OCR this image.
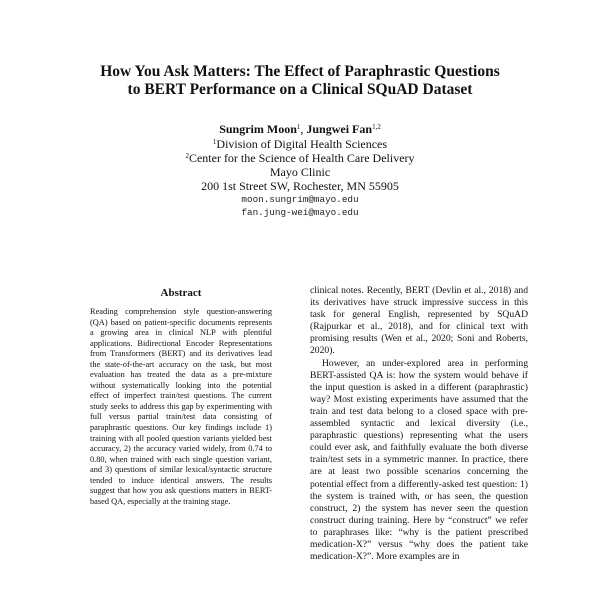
How You Ask Matters: The Effect of Paraphrastic Questions
to BERT Performance on a Clinical SQuAD Dataset
Sungrim Moon$^1$, Jungwei Fan$^{1,2}$
$^1$Division of Digital Health Sciences
$^2$Center for the Science of Health Care Delivery
Mayo Clinic
200 1st Street SW, Rochester, MN 55905
moon.sungrim@mayo.edu
fan.jung-wei@mayo.edu
Abstract

Reading comprehension style question-answering (QA) based on patient-specific documents represents a growing area in clinical NLP with plentiful applications. Bidirectional Encoder Representations from Transformers (BERT) and its derivatives lead the state-of-the-art accuracy on the task, but most evaluation has treated the data as a pre-mixture without systematically looking into the potential effect of imperfect train/test questions. The current study seeks to address this gap by experimenting with full versus partial train/test data consisting of paraphrastic questions. Our key findings include 1) training with all pooled question variants yielded best accuracy, 2) the accuracy varied widely, from 0.74 to 0.80, when trained with each single question variant, and 3) questions of similar lexical/syntactic structure tended to induce identical answers. The results suggest that how you ask questions matters in BERT-based QA, especially at the training stage.

clinical notes. Recently, BERT (Devlin et al., 2018) and its derivatives have struck impressive success in this task for general English, represented by SQuAD (Rajpurkar et al., 2018), and for clinical text with promising results (Wen et al., 2020; Soni and Roberts, 2020).

However, an under-explored area in performing BERT-assisted QA is: how the system would behave if the input question is asked in a different (paraphrastic) way? Most existing experiments have assumed that the train and test data belong to a closed space with pre-assembled syntactic and lexical diversity (i.e., paraphrastic questions) representing what the users could ever ask, and faithfully evaluate the both diverse train/test sets in a symmetric manner. In practice, there are at least two possible scenarios concerning the potential effect from a differently-asked test question: 1) the system is trained with, or has seen, the question construct, 2) the system has never seen the question construct during training. Here by “construct” we refer to paraphrases like: “why is the patient prescribed medication-X?” versus “why does the patient take medication-X?”. More examples are in
